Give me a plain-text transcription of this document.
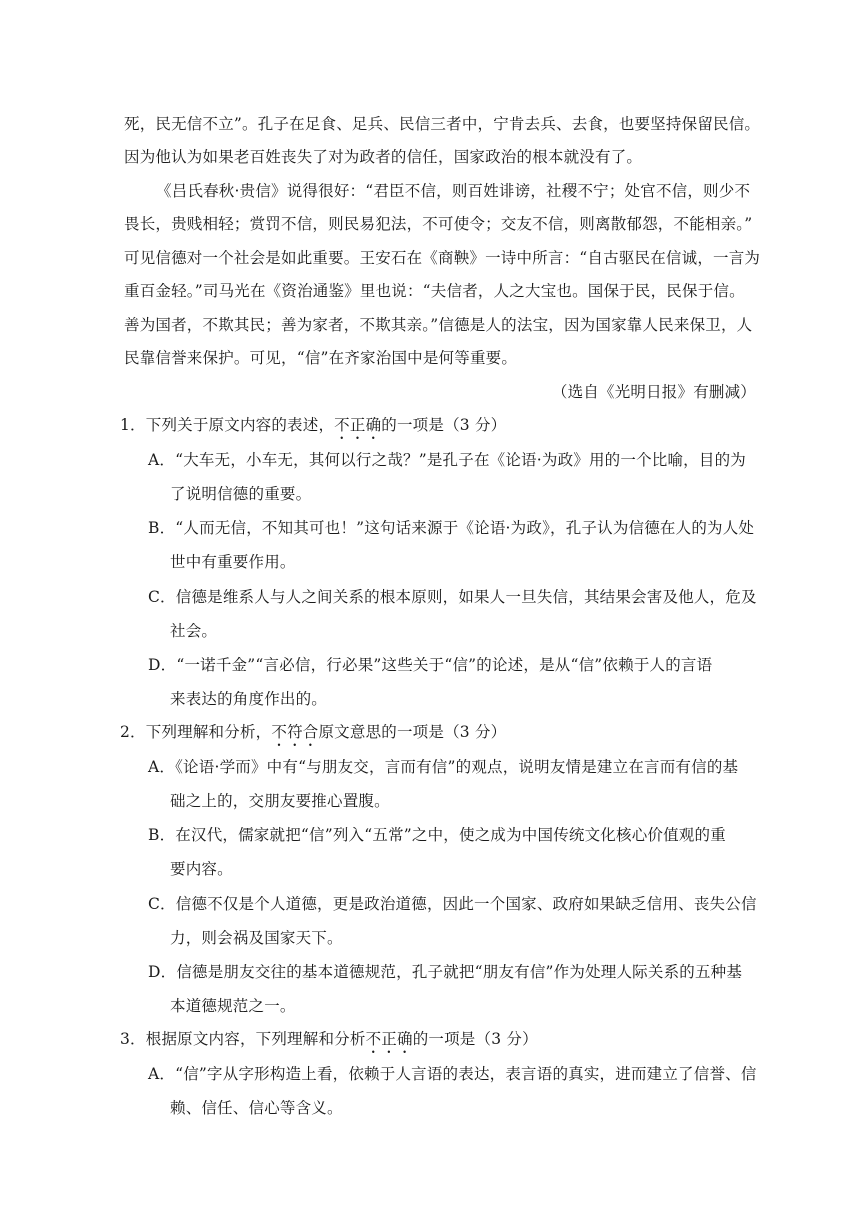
死，民无信不立”。孔子在足食、足兵、民信三者中，宁肯去兵、去食，也要坚持保留民信。
因为他认为如果老百姓丧失了对为政者的信任，国家政治的根本就没有了。
《吕氏春秋·贵信》说得很好：“君臣不信，则百姓诽谤，社稷不宁；处官不信，则少不
畏长，贵贱相轻；赏罚不信，则民易犯法，不可使令；交友不信，则离散郁怨，不能相亲。”
可见信德对一个社会是如此重要。王安石在《商鞅》一诗中所言：“自古驱民在信诚，一言为
重百金轻。”司马光在《资治通鉴》里也说：“夫信者，人之大宝也。国保于民，民保于信。
善为国者，不欺其民；善为家者，不欺其亲。”信德是人的法宝，因为国家靠人民来保卫，人
民靠信誉来保护。可见，“信”在齐家治国中是何等重要。
（选自《光明日报》有删减）
1．下列关于原文内容的表述，不正确的一项是（3 分）
A．“大车无，小车无，其何以行之哉？”是孔子在《论语·为政》用的一个比喻，目的为
了说明信德的重要。
B．“人而无信，不知其可也！”这句话来源于《论语·为政》，孔子认为信德在人的为人处
世中有重要作用。
C．信德是维系人与人之间关系的根本原则，如果人一旦失信，其结果会害及他人，危及
社会。
D．“一诺千金”“言必信，行必果”这些关于“信”的论述，是从“信”依赖于人的言语
来表达的角度作出的。
2．下列理解和分析，不符合原文意思的一项是（3 分）
A．《论语·学而》中有“与朋友交，言而有信”的观点，说明友情是建立在言而有信的基
础之上的，交朋友要推心置腹。
B．在汉代，儒家就把“信”列入“五常”之中，使之成为中国传统文化核心价值观的重
要内容。
C．信德不仅是个人道德，更是政治道德，因此一个国家、政府如果缺乏信用、丧失公信
力，则会祸及国家天下。
D．信德是朋友交往的基本道德规范，孔子就把“朋友有信”作为处理人际关系的五种基
本道德规范之一。
3．根据原文内容，下列理解和分析不正确的一项是（3 分）
A．“信”字从字形构造上看，依赖于人言语的表达，表言语的真实，进而建立了信誉、信
赖、信任、信心等含义。
